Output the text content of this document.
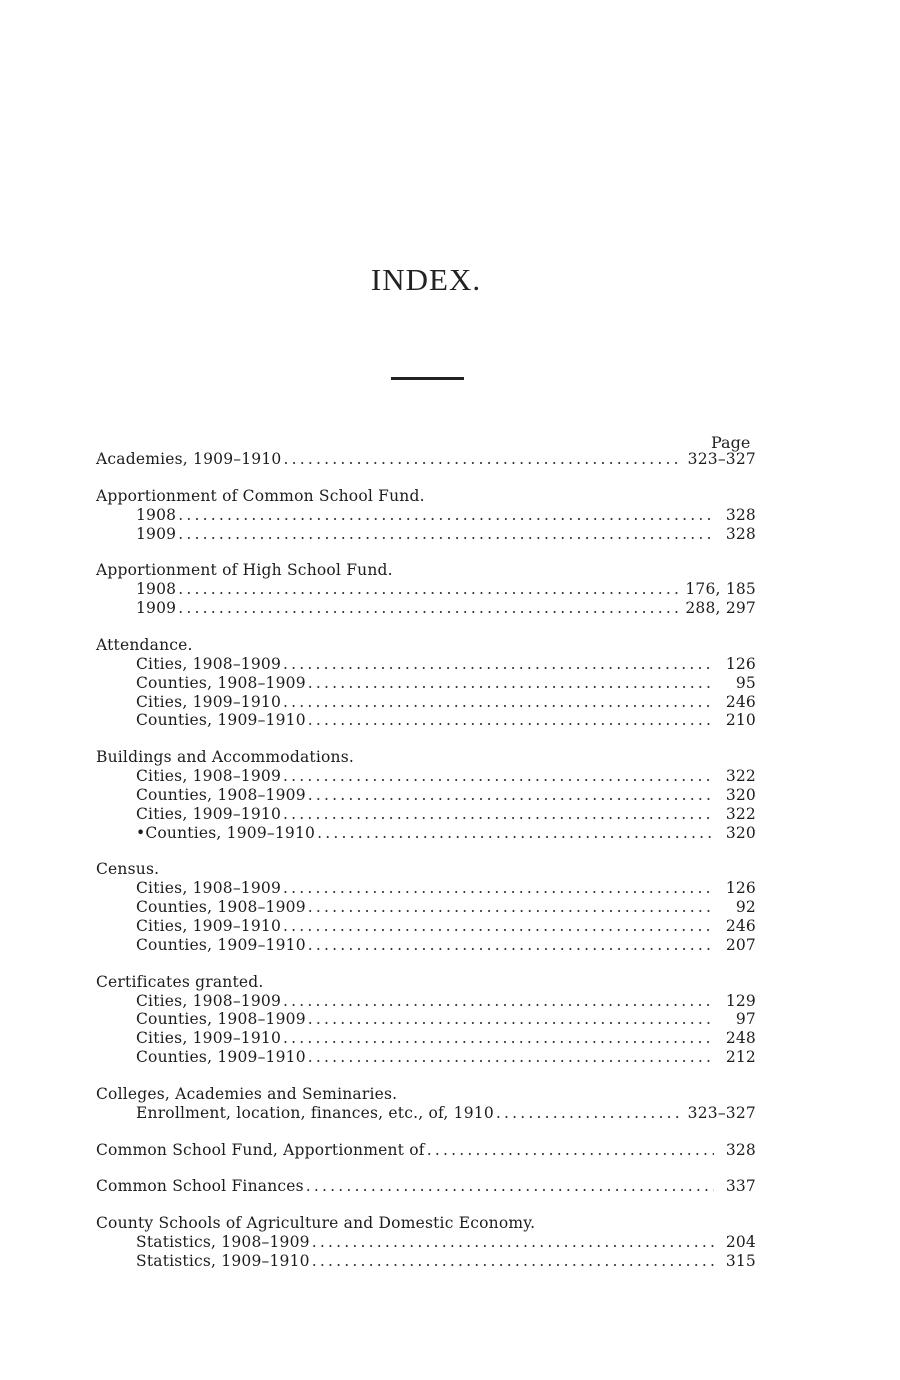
INDEX.
Page
Academies, 1909–1910 .....	323–327
Apportionment of Common School Fund.
1908 .....	328
1909 .....	328
Apportionment of High School Fund.
1908 .....	176, 185
1909 .....	288, 297
Attendance.
Cities, 1908–1909 .....	126
Counties, 1908–1909 .....	95
Cities, 1909–1910 .....	246
Counties, 1909–1910 .....	210
Buildings and Accommodations.
Cities, 1908–1909 .....	322
Counties, 1908–1909 .....	320
Cities, 1909–1910 .....	322
•Counties, 1909–1910 .....	320
Census.
Cities, 1908–1909 .....	126
Counties, 1908–1909 .....	92
Cities, 1909–1910 .....	246
Counties, 1909–1910 .....	207
Certificates granted.
Cities, 1908–1909 .....	129
Counties, 1908–1909 .....	97
Cities, 1909–1910 .....	248
Counties, 1909–1910 .....	212
Colleges, Academies and Seminaries.
Enrollment, location, finances, etc., of, 1910 .....	323–327
Common School Fund, Apportionment of .....	328
Common School Finances .....	337
County Schools of Agriculture and Domestic Economy.
Statistics, 1908–1909 .....	204
Statistics, 1909–1910 .....	315
